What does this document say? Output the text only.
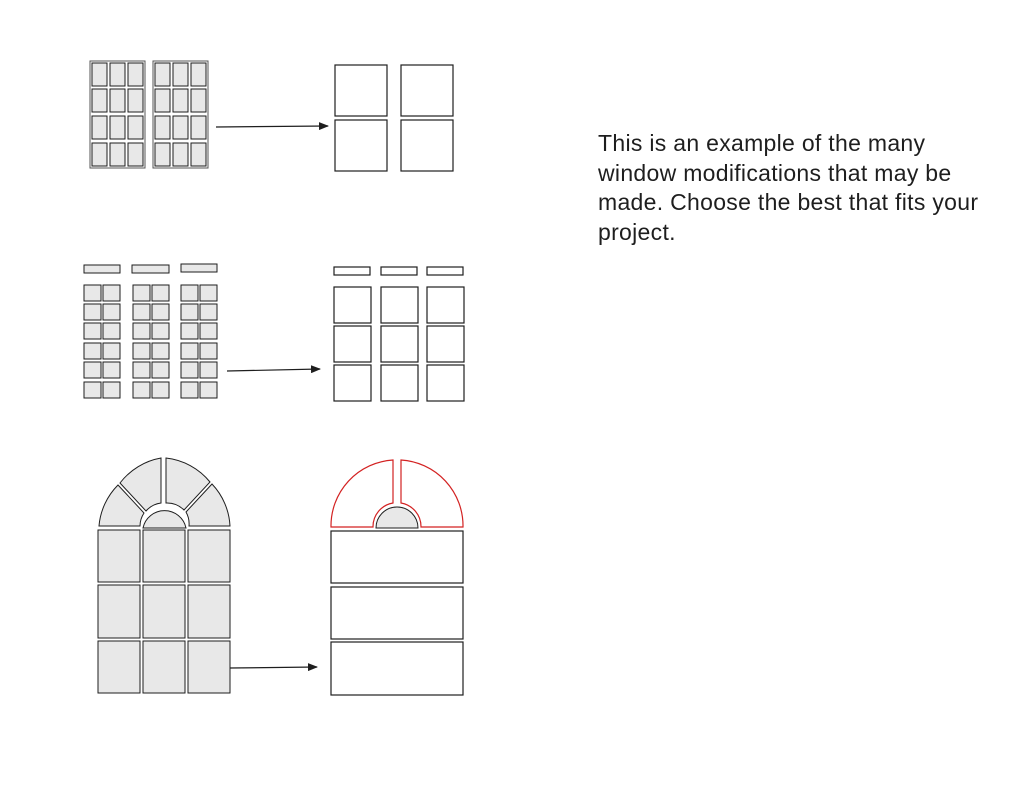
This is an example of the many window modifications that may be made. Choose the best that fits your project.
